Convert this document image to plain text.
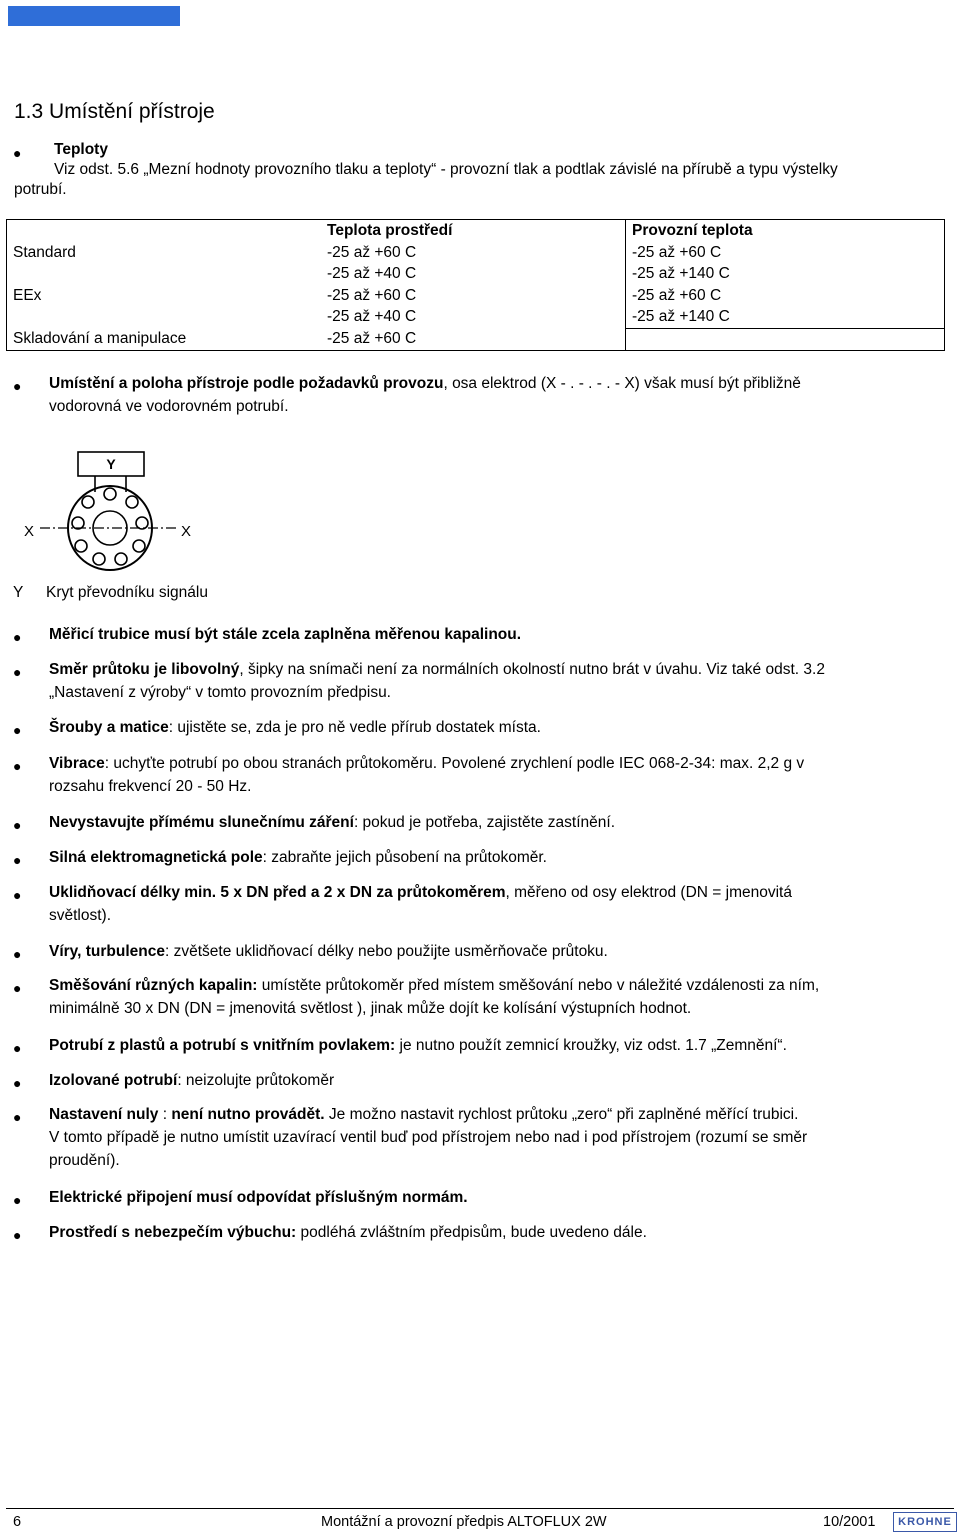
1.3 Umístění přístroje
● Teploty
Viz odst. 5.6 „Mezní hodnoty provozního tlaku a teploty“ - provozní tlak a podtlak závislé na přírubě a typu výstelky
potrubí.
	Teplota prostředí	Provozní teplota
Standard	-25 až +60 C	-25 až +60 C
	-25 až +40 C	-25 až +140 C
EEx	-25 až +60 C	-25 až +60 C
	-25 až +40 C	-25 až +140 C
Skladování a manipulace	-25 až +60 C	
● Umístění a poloha přístroje podle požadavků provozu, osa elektrod (X - . - . - . - X) však musí být přibližně
vodorovná ve vodorovném potrubí.
Y
X	X
Y Kryt převodníku signálu
● Měřicí trubice musí být stále zcela zaplněna měřenou kapalinou.
● Směr průtoku je libovolný, šipky na snímači není za normálních okolností nutno brát v úvahu. Viz také odst. 3.2
„Nastavení z výroby“ v tomto provozním předpisu.
● Šrouby a matice: ujistěte se, zda je pro ně vedle přírub dostatek místa.
● Vibrace: uchyťte potrubí po obou stranách průtokoměru. Povolené zrychlení podle IEC 068-2-34: max. 2,2 g v
rozsahu frekvencí 20 - 50 Hz.
● Nevystavujte přímému slunečnímu záření: pokud je potřeba, zajistěte zastínění.
● Silná elektromagnetická pole: zabraňte jejich působení na průtokoměr.
● Uklidňovací délky min. 5 x DN před a 2 x DN za průtokoměrem, měřeno od osy elektrod (DN = jmenovitá
světlost).
● Víry, turbulence: zvětšete uklidňovací délky nebo použijte usměrňovače průtoku.
● Směšování různých kapalin: umístěte průtokoměr před místem směšování nebo v náležité vzdálenosti za ním,
minimálně 30 x DN (DN = jmenovitá světlost ), jinak může dojít ke kolísání výstupních hodnot.
● Potrubí z plastů a potrubí s vnitřním povlakem: je nutno použít zemnicí kroužky, viz odst. 1.7 „Zemnění“.
● Izolované potrubí: neizolujte průtokoměr
● Nastavení nuly : není nutno provádět. Je možno nastavit rychlost průtoku „zero“ při zaplněné měřící trubici.
V tomto případě je nutno umístit uzavírací ventil buď pod přístrojem nebo nad i pod přístrojem (rozumí se směr
proudění).
● Elektrické připojení musí odpovídat příslušným normám.
● Prostředí s nebezpečím výbuchu: podléhá zvláštním předpisům, bude uvedeno dále.
6	Montážní a provozní předpis ALTOFLUX 2W	10/2001	KROHNE
